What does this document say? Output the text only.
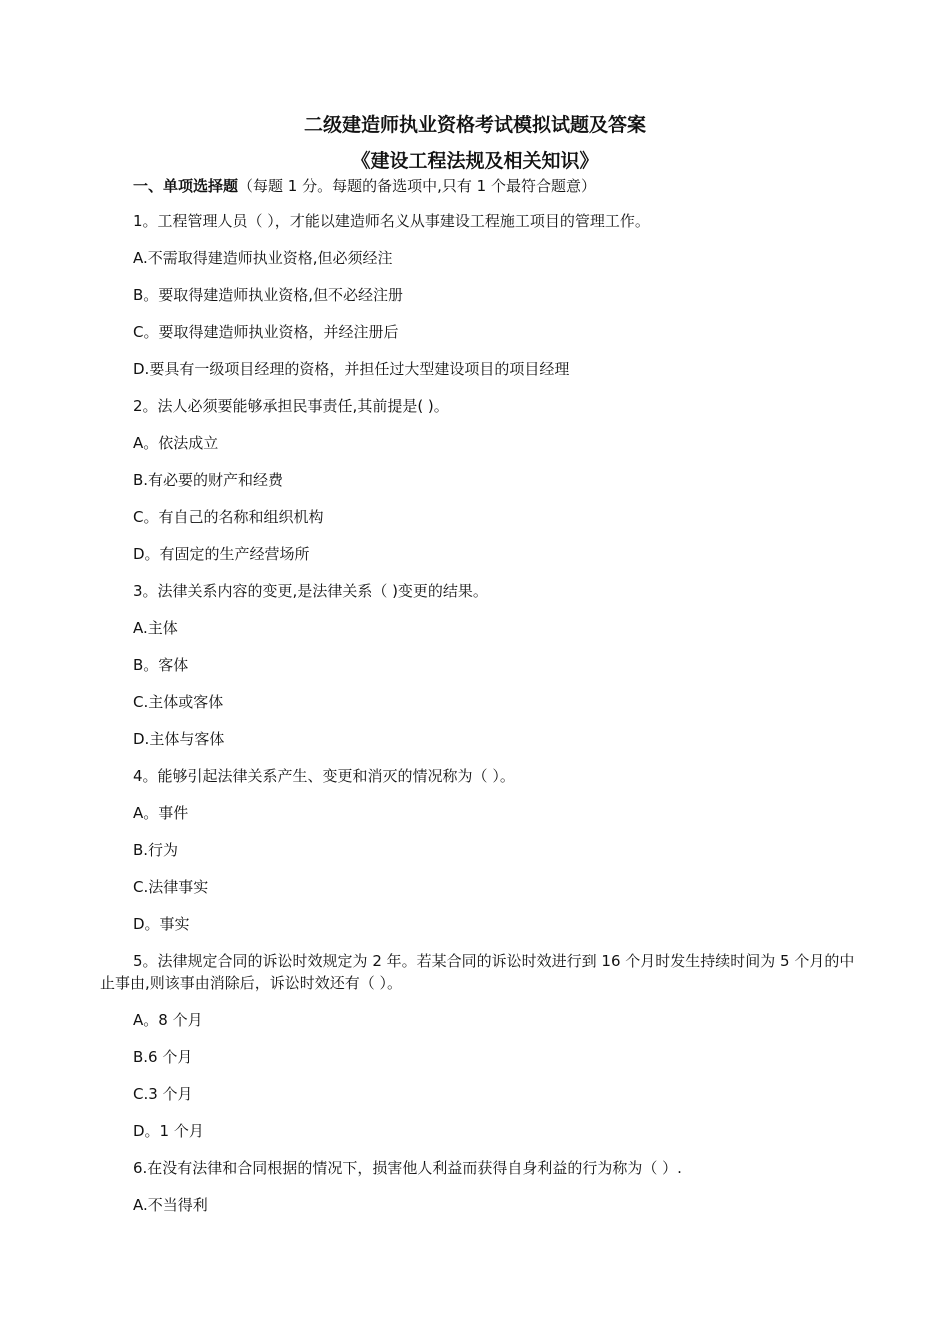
二级建造师执业资格考试模拟试题及答案
《建设工程法规及相关知识》
一、单项选择题（每题 1 分。每题的备选项中,只有 1 个最符合题意）
1。工程管理人员（ ），才能以建造师名义从事建设工程施工项目的管理工作。
A.不需取得建造师执业资格,但必须经注
B。要取得建造师执业资格,但不必经注册
C。要取得建造师执业资格，并经注册后
D.要具有一级项目经理的资格，并担任过大型建设项目的项目经理
2。法人必须要能够承担民事责任,其前提是( )。
A。依法成立
B.有必要的财产和经费
C。有自己的名称和组织机构
D。有固定的生产经营场所
3。法律关系内容的变更,是法律关系（ )变更的结果。
A.主体
B。客体
C.主体或客体
D.主体与客体
4。能够引起法律关系产生、变更和消灭的情况称为（ ）。
A。事件
B.行为
C.法律事实
D。事实
5。法律规定合同的诉讼时效规定为 2 年。若某合同的诉讼时效进行到 16 个月时发生持续时间为 5 个月的中止事由,则该事由消除后，诉讼时效还有（ ）。
A。8 个月
B.6 个月
C.3 个月
D。1 个月
6.在没有法律和合同根据的情况下，损害他人利益而获得自身利益的行为称为（ ）.
A.不当得利
